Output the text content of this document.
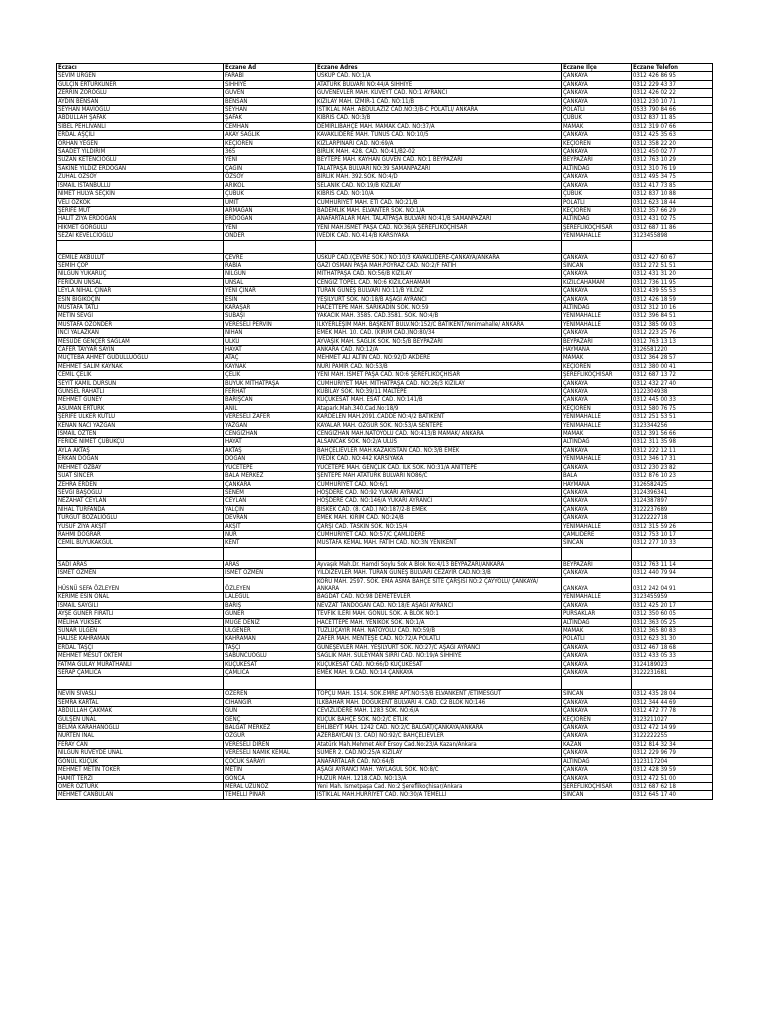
Eczacı	Eczane Ad	Eczane Adres	Eczane İlçe	Eczane Telefon
SEVİM ÜRGEN	FARABİ	ÜSKÜP CAD. NO:1/A	ÇANKAYA	0312 426 86 95
GÜLÇİN ERTÜRKÜNER	SIHHIYE	ATATÜRK BULVARI NO:44/A SIHHIYE	ÇANKAYA	0312 229 43 37
ZERRİN ZOROĞLU	GÜVEN	GÜVENEVLER MAH. KUVEYT CAD. NO:1 AYRANCI	ÇANKAYA	0312 426 02 22
AYDIN BENSAN	BENSAN	KIZILAY MAH. İZMİR-1 CAD. NO:11/B	ÇANKAYA	0312 230 10 71
SEYHAN MAVIOĞLU	SEYHAN	İSTİKLAL MAH. ABDÜLAZİZ CAD.NO:3/B-C POLATLI/ ANKARA	POLATLI	0533 790 84 66
ABDULLAH ŞAFAK	ŞAFAK	KIBRIS CAD. NO:3/B	ÇUBUK	0312 837 11 85
SİBEL PEHLİVANLI	CEMHAN	DEMİRLİBAHÇE MAH. MAMAK CAD. NO:37/A	MAMAK	0312 319 07 66
ERDAL AŞÇILI	AKAY SAĞLIK	KAVAKLIDERE MAH. TUNUS CAD. NO:10/5	ÇANKAYA	0312 425 35 63
ORHAN YEĞEN	KEÇİÖREN	KIZLARPINARI CAD. NO:69/A	KEÇİÖREN	0312 358 22 20
SAADET YILDIRIM	365	BİRLİK MAH. 428. CAD. NO:41/B2-02	ÇANKAYA	0312 450 02 77
SUZAN KETENCİOĞLU	YENİ	BEYTEPE MAH. KAYHAN GÜVEN CAD. NO:1 BEYPAZARI	BEYPAZARI	0312 763 10 29
SAKİNE YILDIZ ERDOĞAN	ÇAĞIN	TALATPAŞA BULVARI NO:39 SAMANPAZARI	ALTINDAĞ	0312 310 76 19
ZUHAL ÖZSOY	ÖZSOY	BİRLİK MAH. 392.SOK. NO:4/D	ÇANKAYA	0312 495 34 75
İSMAİL İSTANBULLU	ARIKOL	SELANİK CAD. NO:19/B KIZILAY	ÇANKAYA	0312 417 73 85
NİMET HÜLYA SEÇKİN	ÇUBUK	KIBRIS CAD. NO:10/A	ÇUBUK	0312 837 10 88
VELİ ÖZKÖK	ÜMİT	CUMHURİYET MAH. ETİ CAD. NO:21/B	POLATLI	0312 623 18 44
ŞERİFE MUT	ARMAĞAN	BADEMLİK MAH. ELVANTER SOK. NO:1/A	KEÇİÖREN	0312 357 66 29
HALİT ZİYA ERDOĞAN	ERDOĞAN	ANAFARTALAR MAH. TALATPAŞA BULVARI NO:41/B SAMANPAZARI	ALTINDAĞ	0312 431 02 75
HİKMET GÖRGÜLÜ	YENİ	YENİ MAH.İSMET PAŞA CAD. NO:36/A ŞEREFLİKOÇHİSAR	ŞEREFLİKOÇHİSAR	0312 687 11 86
SEZAİ KEVELCİOĞLU	ÖNDER	İVEDİK CAD. NO.414/B KARSIYAKA	YENİMAHALLE	3123455898

CEMİLE AKBULUT	ÇEVRE	ÜSKÜP CAD.(ÇEVRE SOK.) NO:10/3 KAVAKLIDERE-ÇANKAYA/ANKARA	ÇANKAYA	0312 427 60 67
SEMİH ÇOP	RABİA	GAZİ OSMAN PAŞA MAH.POYRAZ CAD. NO:2/F FATİH	SİNCAN	0312 272 51 51
NİLGÜN YUKARUÇ	NİLGÜN	MİTHATPAŞA CAD. NO:56/B KIZILAY	ÇANKAYA	0312 431 31 20
FERİDUN ÜNSAL	ÜNSAL	CENGİZ TOPEL CAD. NO:6 KIZILCAHAMAM	KIZILCAHAMAM	0312 736 11 95
LEYLA NİHAL ÇINAR	YENİ ÇINAR	TURAN GÜNEŞ BULVARI NO:11/B YILDIZ	ÇANKAYA	0312 439 55 53
ESİN BIGIKOÇİN	ESİN	YEŞİLYURT SOK. NO:18/B AŞAĞI AYRANCI	ÇANKAYA	0312 426 18 59
MUSTAFA TATLI	KARAŞAR	HACETTEPE MAH. SARIKADIN SOK. NO:59	ALTINDAĞ	0312 312 10 16
METİN SEVGİ	SUBAŞI	YAKACIK MAH. 3585. CAD.3581. SOK. NO:4/B	YENİMAHALLE	0312 396 84 51
MUSTAFA ÖZÖNDER	VERESELİ PERVİN	İLKYERLEŞİM MAH. BAŞKENT BULV.NO:152/C BATIKENT/Yenimahalle/ ANKARA	YENİMAHALLE	0312 385 09 03
İNCİ YALAZKAN	NİHAN	EMEK MAH. 10. CAD. (KIRIM CAD.)NO:80/34	ÇANKAYA	0312 223 25 76
MESUDE GENÇER SAĞLAM	ÜLKÜ	AYVAŞIK MAH. SAĞLIK SOK. NO:5/B BEYPAZARI	BEYPAZARI	0312 763 13 13
CAFER TAYYAR SAYIN	HAYAT	ANKARA CAD. NO:12/A	HAYMANA	3126581220
MÜÇTEBA AHMET GÜDÜLLÜOĞLU	ATAÇ	MEHMET ALİ ALTIN CAD. NO:92/D AKDERE	MAMAK	0312 364 28 57
MEHMET SALİM KAYNAK	KAYNAK	NURİ PAMİR CAD. NO:53/B	KEÇİÖREN	0312 380 00 41
CEMİL ÇELİK	ÇELİK	YENİ MAH. İSMET PAŞA CAD. NO:6 ŞEREFLİKOÇHİSAR	ŞEREFLİKOÇHİSAR	0312 687 13 72
SEYİT KAMİL DURSUN	BÜYÜK MİTHATPAŞA	CUMHURİYET MAH. MİTHATPAŞA CAD. NO:26/3 KIZILAY	ÇANKAYA	0312 432 27 40
GÜNSEL RAHATLI	FERHAT	KUBİLAY SOK. NO:39/11 MALTEPE	ÇANKAYA	3122304938
MEHMET GÜNEY	BARIŞCAN	KÜÇÜKESAT MAH. ESAT CAD. NO:141/B	ÇANKAYA	0312 445 00 33
ASUMAN ERTÜRK	ANIL	Atapark.Mah.340.Cad.No:18/9	KEÇİÖREN	0312 580 76 75
ŞERİFE ÜLKER KUTLU	VERESELİ ZAFER	KARDELEN MAH.2091.CADDE NO:4/2 BATIKENT	YENİMAHALLE	0312 251 53 51
KENAN NACİ YAZGAN	YAZGAN	KAYALAR MAH. ÖZGÜR SOK. NO:53/A SENTEPE	YENİMAHALLE	3123344256
İSMAİL ÖZTEN	CENGİZHAN	CENGİZHAN MAH.NATOYOLU CAD. NO:413/B MAMAK/ ANKARA	MAMAK	0312 391 56 66
FERİDE NİMET ÇUBUKÇU	HAYAT	ALSANCAK SOK. NO:2/A ULUS	ALTINDAĞ	0312 311 35 98
AYLA AKTAŞ	AKTAŞ	BAHÇELİEVLER MAH.KAZAKİSTAN CAD. NO:3/B EMEK	ÇANKAYA	0312 222 12 11
ERKAN DOĞAN	DOĞAN	İVEDİK CAD. NO:442 KARSIYAKA	YENİMAHALLE	0312 346 17 31
MEHMET ÖZBAY	YÜCETEPE	YÜCETEPE MAH. GENÇLİK CAD. İLK SOK. NO:31/A ANITTEPE	ÇANKAYA	0312 230 23 82
SUAT SİNCER	BALA MERKEZ	ŞENTEPE MAH ATATÜRK BULVARI NO86/C	BALA	0312 876 10 23
ZEHRA ERDEN	ÇANKARA	CUMHURİYET CAD. NO:6/1	HAYMANA	3126582425
SEVGİ BAŞOĞLU	SENEM	HOŞDERE CAD. NO:92 YUKARI AYRANCI	ÇANKAYA	3124396341
NEZAHAT CEYLAN	CEYLAN	HOŞDERE CAD. NO:146/A YUKARI AYRANCI	ÇANKAYA	3124387897
NİHAL TURFANDA	YALÇIN	BİSKEK CAD. (8. CAD.) NO:187/2-B EMEK	ÇANKAYA	3122237689
TURGUT BOZALİOĞLU	DEVRAN	EMEK MAH. KIRIM CAD. NO:24/B	ÇANKAYA	3122222718
YUSUF ZİYA AKŞİT	AKŞİT	ÇARŞI CAD. TASKIN SOK. NO:15/4	YENİMAHALLE	0312 315 59 26
RAHMİ DOĞRAR	NUR	CUMHURİYET CAD. NO:57/C ÇAMLIDERE	ÇAMLIDERE	0312 753 10 17
CEMİL BÜYÜKAKGÜL	KENT	MUSTAFA KEMAL MAH. FATİH CAD. NO:3N YENİKENT	SİNCAN	0312 277 10 33

SADİ ARAS	ARAS	Ayvaşık Mah.Dr. Hamdi Soylu Sok A Blok No:4/13 BEYPAZARI/ANKARA	BEYPAZARI	0312 763 11 14
İSMET ÖZMEN	İSMET ÖZMEN	YILDIZEVLER MAH. TURAN GÜNEŞ BULVARI CEZAYİR CAD.NO:3/B	ÇANKAYA	0312 440 79 94
HÜSNÜ SEFA ÖZLEYEN	ÖZLEYEN	KORU MAH. 2597. SOK. EMA ASMA BAHÇE SİTE ÇARŞISI NO:2 ÇAYYOLU/ ÇANKAYA/ ANKARA	ÇANKAYA	0312 242 04 91
KERİME ESİN ÖNAL	LALEGÜL	BAĞDAT CAD. NO:98 DEMETEVLER	YENİMAHALLE	3123455959
İSMAİL SAYGILI	BARIŞ	NEVZAT TANDOĞAN CAD. NO:18/E AŞAĞI AYRANCI	ÇANKAYA	0312 425 20 17
AYŞE GÜNER FIRATLI	GÜNER	TEVFİK İLERİ MAH. GÖNÜL SOK. A BLOK NO:1	PURSAKLAR	0312 350 60 05
MELİHA YÜKSEK	MÜGE DENİZ	HACETTEPE MAH. YENİKÖK SOK. NO:1/A	ALTINDAĞ	0312 363 05 25
SUNAR ÜLGEN	ÜLGENER	TUZLUÇAYIR MAH. NATOYOLU CAD. NO:59/B	MAMAK	0312 365 80 83
HALİSE KAHRAMAN	KAHRAMAN	ZAFER MAH. MENTEŞE CAD. NO:72/A POLATLI	POLATLI	0312 623 31 30
ERDAL TAŞÇI	TAŞÇI	GÜNEŞEVLER MAH. YEŞİLYURT SOK. NO:27/C AŞAĞI AYRANCI	ÇANKAYA	0312 467 18 68
MEHMET MESUT ÖKTEM	SABUNCUOĞLU	SAĞLIK MAH. SÜLEYMAN SIRRI CAD. NO:19/A SIHHİYE	ÇANKAYA	0312 433 05 33
FATMA GÜLAY MURATHANLI	KÜÇÜKESAT	KÜÇÜKESAT CAD. NO:66/D KÜÇÜKESAT	ÇANKAYA	3124189023
SERAP ÇAMLICA	ÇAMLICA	EMEK MAH. 9.CAD. NO:14 ÇANKAYA	ÇANKAYA	3122231681

NEVİN SİVASLI	ÖZEREN	TOPÇU MAH. 1514. SOK.EMRE APT.NO:53/B ELVANKENT /ETİMESGUT	SİNCAN	0312 435 28 04
SEMRA KARTAL	CİHANGİR	İLKBAHAR MAH. DOĞUKENT BULVARI 4. CAD. C2 BLOK NO:146	ÇANKAYA	0312 344 44 69
ABDULLAH ÇAKMAK	GÜN	CEVİZLİDERE MAH. 1283 SOK. NO:6/A	ÇANKAYA	0312 472 77 78
GÜLŞEN ÜNAL	GENÇ	KÜÇÜK BAHÇE SOK. NO:2/C ETLİK	KEÇİÖREN	3123211027
BELMA KARAHANOĞLU	BALGAT MERKEZ	EHLİBEYT MAH. 1242 CAD. NO:2/C BALGAT/ÇANKAYA/ANKARA	ÇANKAYA	0312 472 14 99
NURTEN İNAL	ÖZGÜR	AZERBAYCAN (3. CAD) NO:92/C BAHÇELİEVLER	ÇANKAYA	3122222255
FERAY CAN	VERESELİ DİREN	Atatürk Mah.Mehmet Akif Ersoy Cad.No:23/A Kazan/Ankara	KAZAN	0312 814 32 34
NİLGÜN RÜVEYDE ÜNAL	VERESELİ NAMIK KEMAL	SÜMER 2. CAD.NO:25/A KIZILAY	ÇANKAYA	0312 229 96 79
GÖNÜL KUÇUK	ÇOCUK SARAYI	ANAFARTALAR CAD. NO:64/B	ALTINDAĞ	3123117204
MEHMET METİN TÖKER	METİN	AŞAĞI AYRANCI MAH. YAYLAGÜL SOK. NO:8/C	ÇANKAYA	0312 428 39 59
HAMİT TERZİ	GONCA	HUZUR MAH. 1218.CAD. NO:13/A	ÇANKAYA	0312 472 51 00
ÖMER ÖZTÜRK	MERAL UZUNÖZ	Yeni Mah. İsmetpaşa Cad. No:2 Şereflikoçhisar/Ankara	ŞEREFLİKOÇHİSAR	0312 687 62 18
MEHMET CANBULAN	TEMELLİ PINAR	İSTİKLAL MAH.HÜRRİYET CAD. NO:30/A TEMELLİ	SİNCAN	0312 645 17 40
